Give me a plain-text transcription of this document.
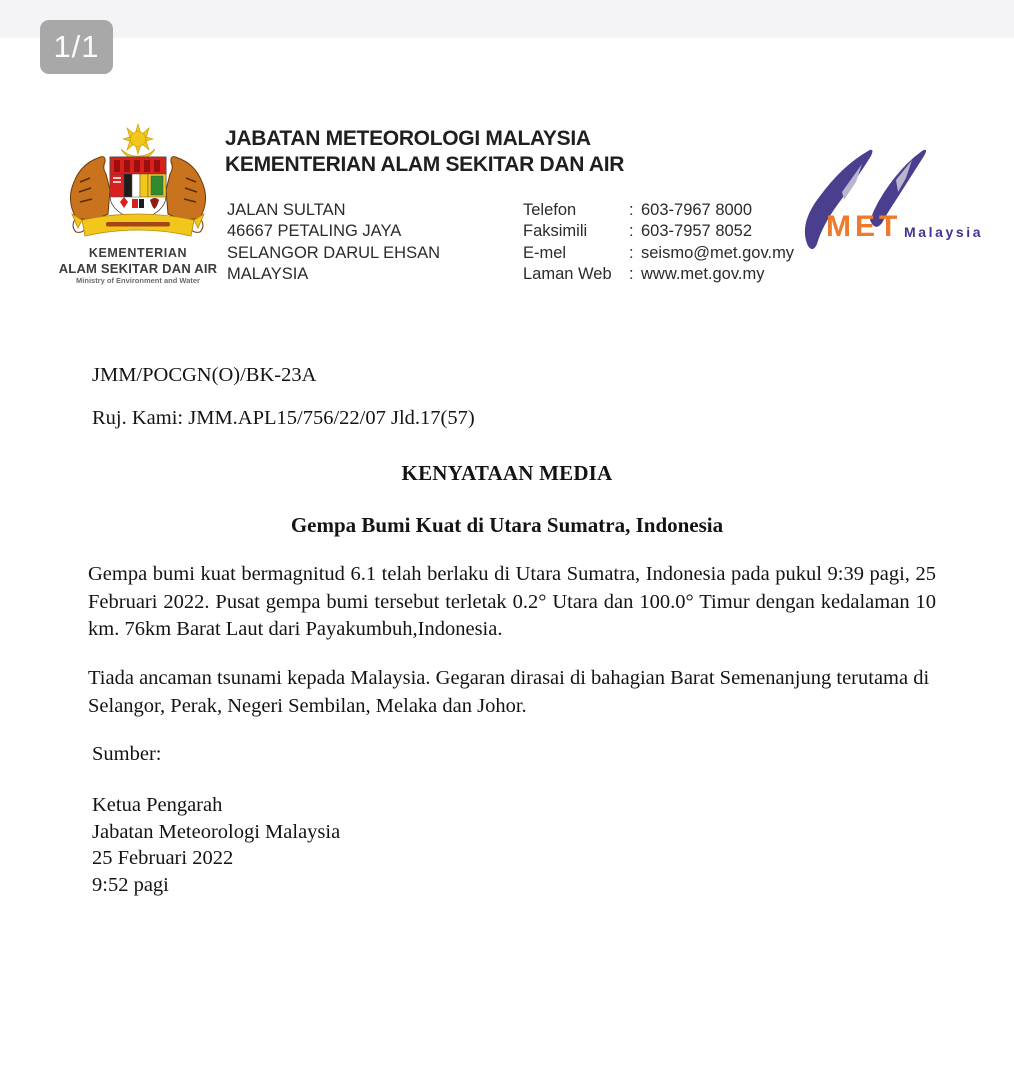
1/1
KEMENTERIAN
ALAM SEKITAR DAN AIR
Ministry of Environment and Water
JABATAN METEOROLOGI MALAYSIA
KEMENTERIAN ALAM SEKITAR DAN AIR
JALAN SULTAN
46667 PETALING JAYA
SELANGOR DARUL EHSAN
MALAYSIA
Telefon	: 603-7967 8000
Faksimili	: 603-7957 8052
E-mel	: seismo@met.gov.my
Laman Web	: www.met.gov.my
MET Malaysia
JMM/POCGN(O)/BK-23A
Ruj. Kami: JMM.APL15/756/22/07 Jld.17(57)
KENYATAAN MEDIA
Gempa Bumi Kuat di Utara Sumatra, Indonesia
Gempa bumi kuat bermagnitud 6.1 telah berlaku di Utara Sumatra, Indonesia pada pukul 9:39 pagi, 25 Februari 2022. Pusat gempa bumi tersebut terletak 0.2° Utara dan 100.0° Timur dengan kedalaman 10 km. 76km Barat Laut dari Payakumbuh,Indonesia.
Tiada ancaman tsunami kepada Malaysia. Gegaran dirasai di bahagian Barat Semenanjung terutama di Selangor, Perak, Negeri Sembilan, Melaka dan Johor.
Sumber:
Ketua Pengarah
Jabatan Meteorologi Malaysia
25 Februari 2022
9:52 pagi
